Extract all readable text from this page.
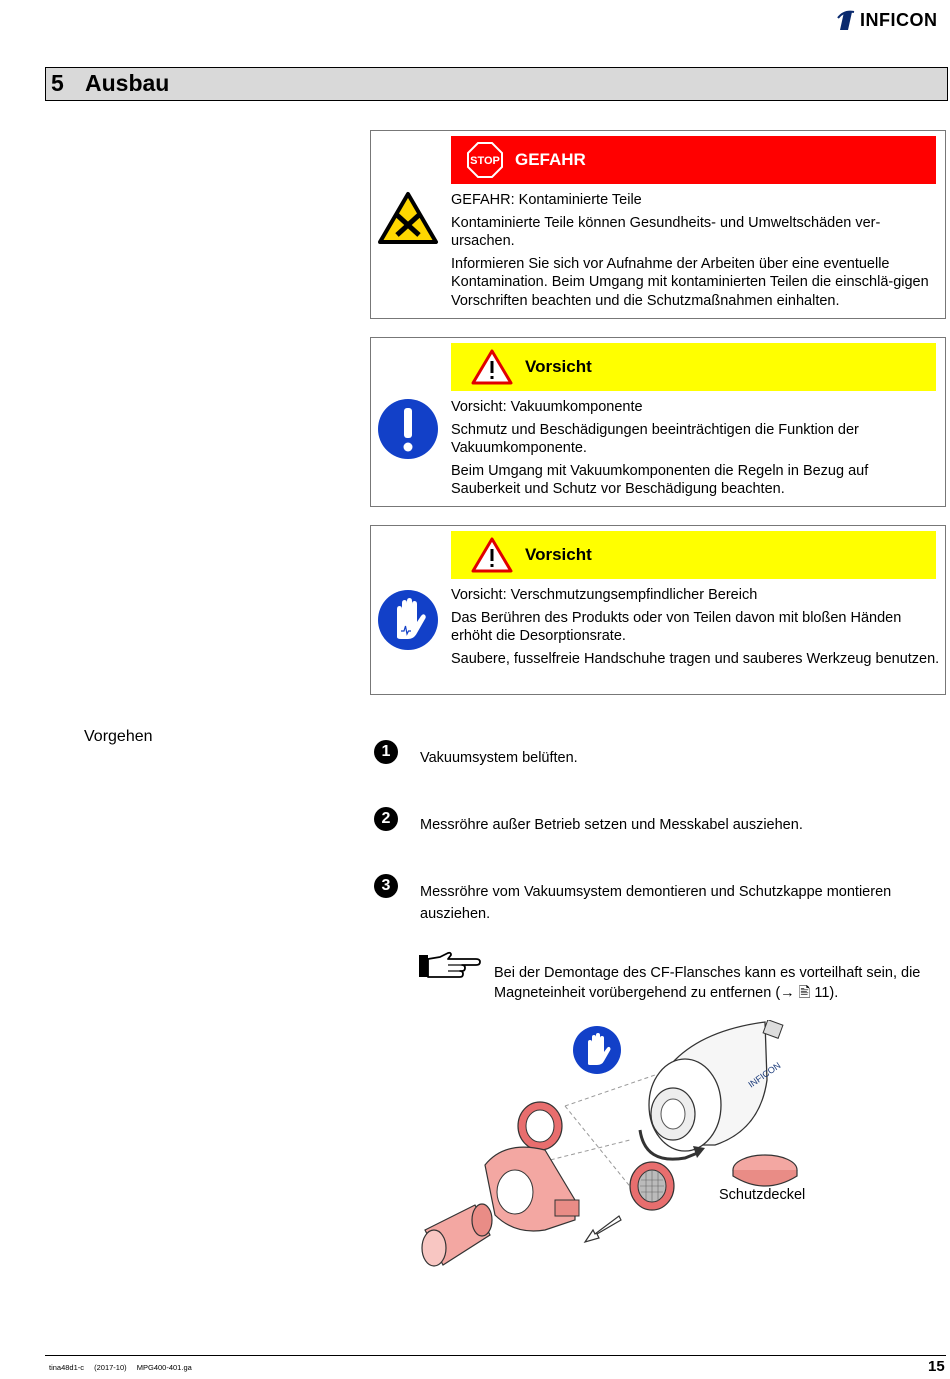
INFICON
5 Ausbau
STOP GEFAHR

GEFAHR: Kontaminierte Teile

Kontaminierte Teile können Gesundheits- und Umweltschäden ver-ursachen.

Informieren Sie sich vor Aufnahme der Arbeiten über eine eventuelle Kontamination. Beim Umgang mit kontaminierten Teilen die einschlä-gigen Vorschriften beachten und die Schutzmaßnahmen einhalten.

Vorsicht

Vorsicht: Vakuumkomponente

Schmutz und Beschädigungen beeinträchtigen die Funktion der Vakuumkomponente.

Beim Umgang mit Vakuumkomponenten die Regeln in Bezug auf Sauberkeit und Schutz vor Beschädigung beachten.

Vorsicht

Vorsicht: Verschmutzungsempfindlicher Bereich

Das Berühren des Produkts oder von Teilen davon mit bloßen Händen erhöht die Desorptionsrate.

Saubere, fusselfreie Handschuhe tragen und sauberes Werkzeug benutzen.

Vorgehen
1	Vakuumsystem belüften.
2	Messröhre außer Betrieb setzen und Messkabel ausziehen.
3	Messröhre vom Vakuumsystem demontieren und Schutzkappe montieren ausziehen.
Bei der Demontage des CF-Flansches kann es vorteilhaft sein, die Magneteinheit vorübergehend zu entfernen (→ 🖹 11).
INFICON
Schutzdeckel
tina48d1-c (2017-10) MPG400-401.ga	15
